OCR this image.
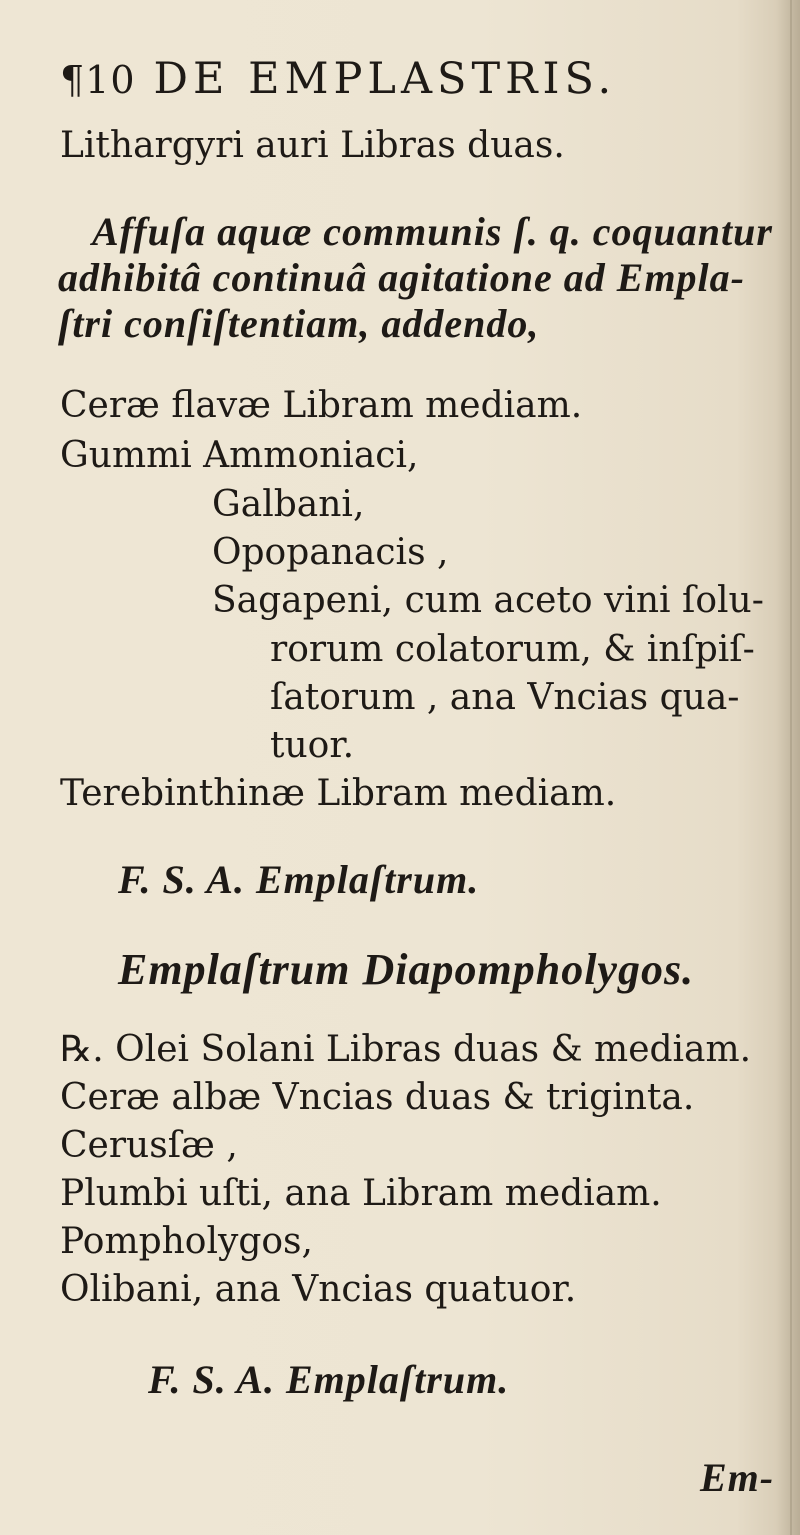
¶10 DE EMPLASTRIS.
Lithargyri auri Libras duas.
Affuſa aquæ communis ſ. q. coquantur
adhibitâ continuâ agitatione ad Empla-
ſtri conſiſtentiam, addendo,
Ceræ flavæ Libram mediam.
Gummi Ammoniaci,
Galbani,
Opopanacis ,
Sagapeni, cum aceto vini ſolu-
rorum colatorum, & inſpiſ-
ſatorum , ana Vncias qua-
tuor.
Terebinthinæ Libram mediam.
F. S. A. Emplaſtrum.
Emplaſtrum Diapompholygos.
℞. Olei Solani Libras duas & mediam.
Ceræ albæ Vncias duas & triginta.
Cerusſæ ,
Plumbi uſti, ana Libram mediam.
Pompholygos,
Olibani, ana Vncias quatuor.
F. S. A. Emplaſtrum.
Em-
